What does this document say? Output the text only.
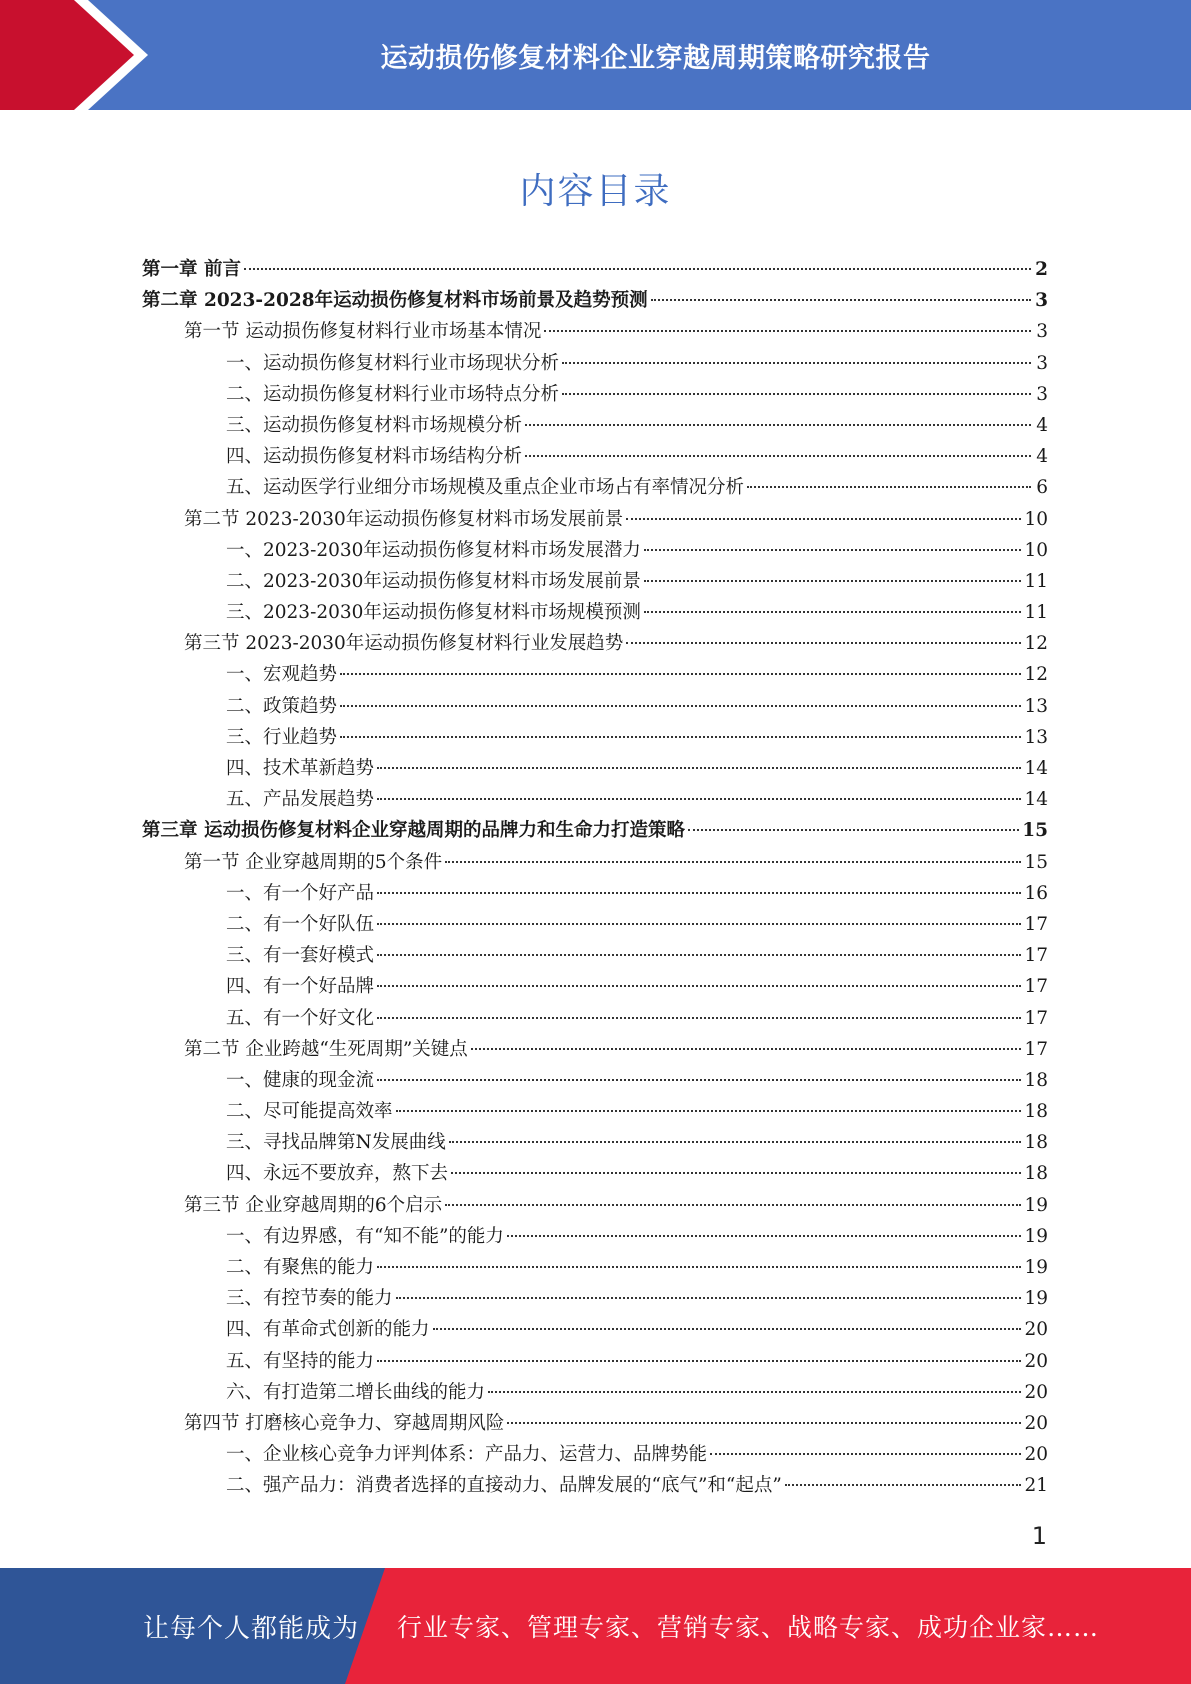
运动损伤修复材料企业穿越周期策略研究报告
内容目录
第一章 前言	2
第二章 2023-2028年运动损伤修复材料市场前景及趋势预测	3
第一节 运动损伤修复材料行业市场基本情况	3
一、运动损伤修复材料行业市场现状分析	3
二、运动损伤修复材料行业市场特点分析	3
三、运动损伤修复材料市场规模分析	4
四、运动损伤修复材料市场结构分析	4
五、运动医学行业细分市场规模及重点企业市场占有率情况分析	6
第二节 2023-2030年运动损伤修复材料市场发展前景	10
一、2023-2030年运动损伤修复材料市场发展潜力	10
二、2023-2030年运动损伤修复材料市场发展前景	11
三、2023-2030年运动损伤修复材料市场规模预测	11
第三节 2023-2030年运动损伤修复材料行业发展趋势	12
一、宏观趋势	12
二、政策趋势	13
三、行业趋势	13
四、技术革新趋势	14
五、产品发展趋势	14
第三章 运动损伤修复材料企业穿越周期的品牌力和生命力打造策略	15
第一节 企业穿越周期的5个条件	15
一、有一个好产品	16
二、有一个好队伍	17
三、有一套好模式	17
四、有一个好品牌	17
五、有一个好文化	17
第二节 企业跨越“生死周期”关键点	17
一、健康的现金流	18
二、尽可能提高效率	18
三、寻找品牌第N发展曲线	18
四、永远不要放弃，熬下去	18
第三节 企业穿越周期的6个启示	19
一、有边界感，有“知不能”的能力	19
二、有聚焦的能力	19
三、有控节奏的能力	19
四、有革命式创新的能力	20
五、有坚持的能力	20
六、有打造第二增长曲线的能力	20
第四节 打磨核心竞争力、穿越周期风险	20
一、企业核心竞争力评判体系：产品力、运营力、品牌势能	20
二、强产品力：消费者选择的直接动力、品牌发展的“底气”和“起点”	21
1
让每个人都能成为 行业专家、管理专家、营销专家、战略专家、成功企业家……
